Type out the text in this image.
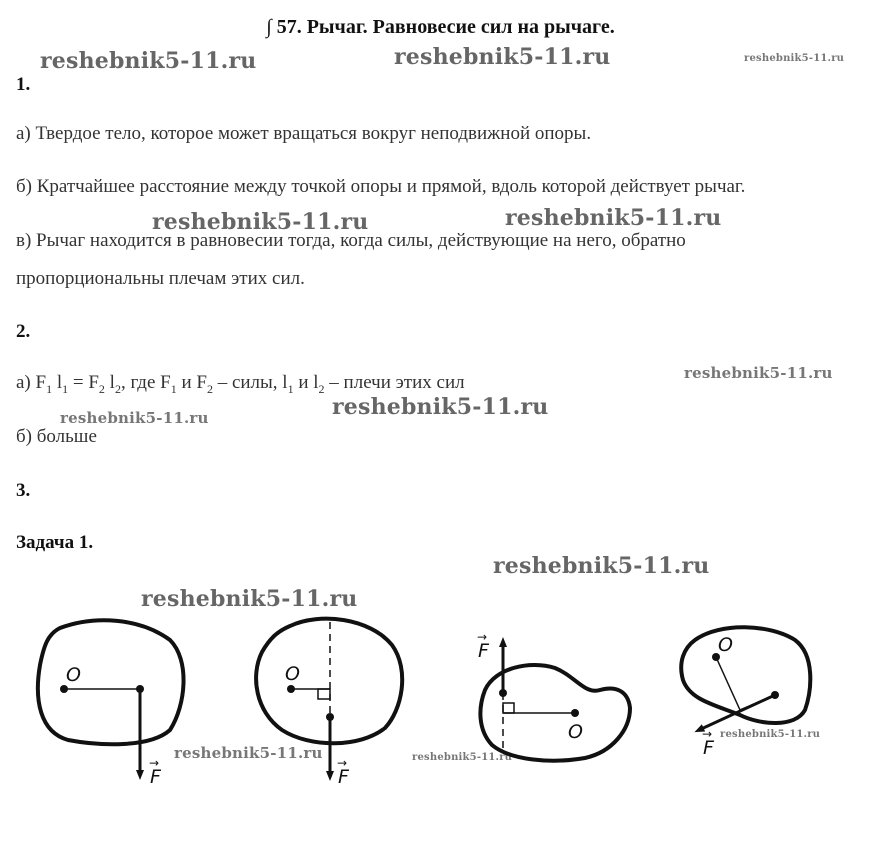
∫ 57. Рычаг. Равновесие сил на рычаге.
1.
а) Твердое тело, которое может вращаться вокруг неподвижной опоры.
б) Кратчайшее расстояние между точкой опоры и прямой, вдоль которой действует рычаг.
в) Рычаг находится в равновесии тогда, когда силы, действующие на него, обратно
пропорциональны плечам этих сил.
2.
а) $F_1$ $l_1 = F_2$ $l_2$, где $F_1$ и $F_2$ – силы, $l_1$ и $l_2$ – плечи этих сил
б) больше
3.
Задача 1.
reshebnik5-11.ru	reshebnik5-11.ru	reshebnik5-11.ru
reshebnik5-11.ru	reshebnik5-11.ru
reshebnik5-11.ru
reshebnik5-11.ru
reshebnik5-11.ru
reshebnik5-11.ru
reshebnik5-11.ru
reshebnik5-11.ru	reshebnik5-11.ru
reshebnik5-11.ru
O
F
→
O
F
→
O
F
→	O
F
→
